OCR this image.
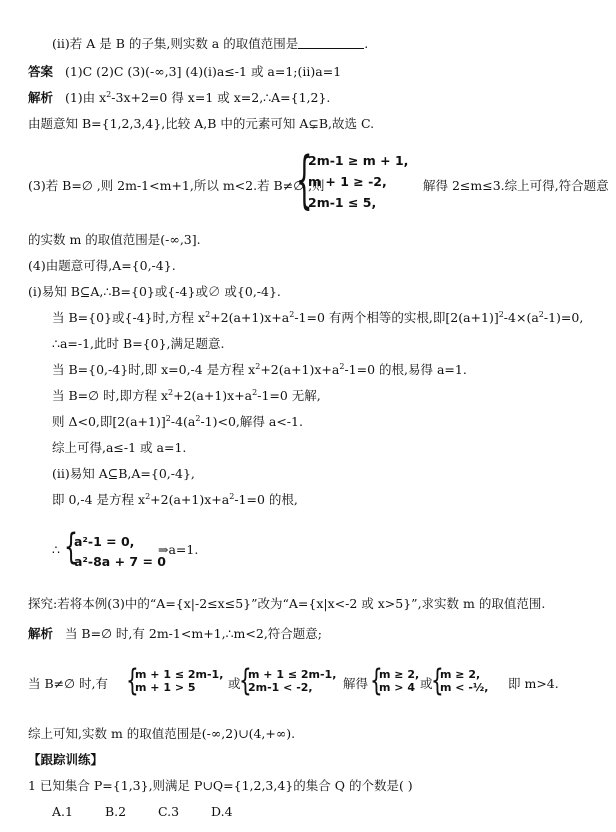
(ii)若 A 是 B 的子集,则实数 a 的取值范围是	.
答案 (1)C (2)C (3)(-∞,3] (4)(i)a≤-1 或 a=1;(ii)a=1
解析 (1)由 $x^2-3x+2=0$ 得 x=1 或 x=2,∴A={1,2}.
由题意知 B={1,2,3,4},比较 A,B 中的元素可知 A⊊B,故选 C.
(3)若 B=∅ ,则 2m-1<m+1,所以 m<2.若 B≠∅ ,则
{
2m-1 ≥ m + 1,
m + 1 ≥ -2,
2m-1 ≤ 5,
解得 2≤m≤3.综上可得,符合题意
的实数 m 的取值范围是(-∞,3].
(4)由题意可得,A={0,-4}.
(i)易知 B⊆A,∴B={0}或{-4}或∅ 或{0,-4}.
当 B={0}或{-4}时,方程 $x^2+2(a+1)x+a^2-1=0$ 有两个相等的实根,即$[2(a+1)]^2-4\times(a^2-1)=0$,
∴a=-1,此时 B={0},满足题意.
当 B={0,-4}时,即 x=0,-4 是方程 $x^2+2(a+1)x+a^2-1=0$ 的根,易得 a=1.
当 B=∅ 时,即方程 $x^2+2(a+1)x+a^2-1=0$ 无解,
则 Δ<0,即$[2(a+1)]^2-4(a^2-1)<0$,解得 a<-1.
综上可得,a≤-1 或 a=1.
(ii)易知 A⊆B,A={0,-4},
即 0,-4 是方程 $x^2+2(a+1)x+a^2-1=0$ 的根,
∴ {
a²-1 = 0,
a²-8a + 7 = 0
⇒a=1.
探究:若将本例(3)中的“A={x|-2≤x≤5}”改为“A={x|x<-2 或 x>5}”,求实数 m 的取值范围.
解析 当 B=∅ 时,有 2m-1<m+1,∴m<2,符合题意;
当 B≠∅ 时,有 {
m + 1 ≤ 2m-1,
m + 1 > 5	或
{
m + 1 ≤ 2m-1,
2m-1 < -2,	解得 {
m ≥ 2,
m > 4 或
{
m ≥ 2,
m < -½, 即 m>4.
综上可知,实数 m 的取值范围是(-∞,2)∪(4,+∞).
【跟踪训练】
1 已知集合 P={1,3},则满足 P∪Q={1,2,3,4}的集合 Q 的个数是( )
A.1	B.2	C.3	D.4
